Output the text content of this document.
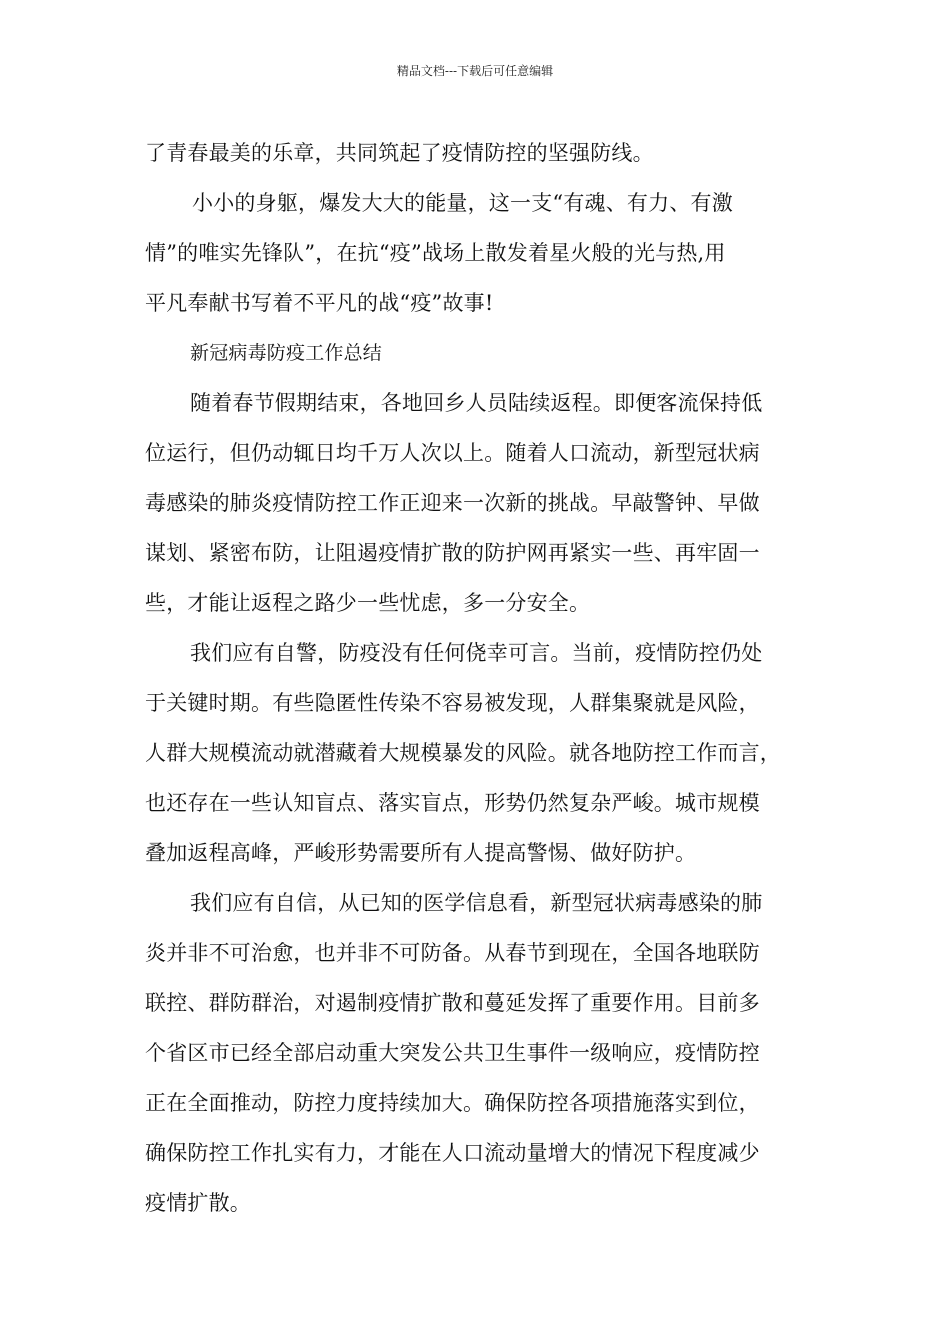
精品文档---下载后可任意编辑
了青春最美的乐章，共同筑起了疫情防控的坚强防线。
小小的身躯，爆发大大的能量，这一支“有魂、有力、有激
情”的唯实先锋队”，在抗“疫”战场上散发着星火般的光与热,用
平凡奉献书写着不平凡的战“疫”故事!
新冠病毒防疫工作总结
随着春节假期结束，各地回乡人员陆续返程。即便客流保持低
位运行，但仍动辄日均千万人次以上。随着人口流动，新型冠状病
毒感染的肺炎疫情防控工作正迎来一次新的挑战。早敲警钟、早做
谋划、紧密布防，让阻遏疫情扩散的防护网再紧实一些、再牢固一
些，才能让返程之路少一些忧虑，多一分安全。
我们应有自警，防疫没有任何侥幸可言。当前，疫情防控仍处
于关键时期。有些隐匿性传染不容易被发现，人群集聚就是风险，
人群大规模流动就潜藏着大规模暴发的风险。就各地防控工作而言，
也还存在一些认知盲点、落实盲点，形势仍然复杂严峻。城市规模
叠加返程高峰，严峻形势需要所有人提高警惕、做好防护。
我们应有自信，从已知的医学信息看，新型冠状病毒感染的肺
炎并非不可治愈，也并非不可防备。从春节到现在，全国各地联防
联控、群防群治，对遏制疫情扩散和蔓延发挥了重要作用。目前多
个省区市已经全部启动重大突发公共卫生事件一级响应，疫情防控
正在全面推动，防控力度持续加大。确保防控各项措施落实到位，
确保防控工作扎实有力，才能在人口流动量增大的情况下程度减少
疫情扩散。
